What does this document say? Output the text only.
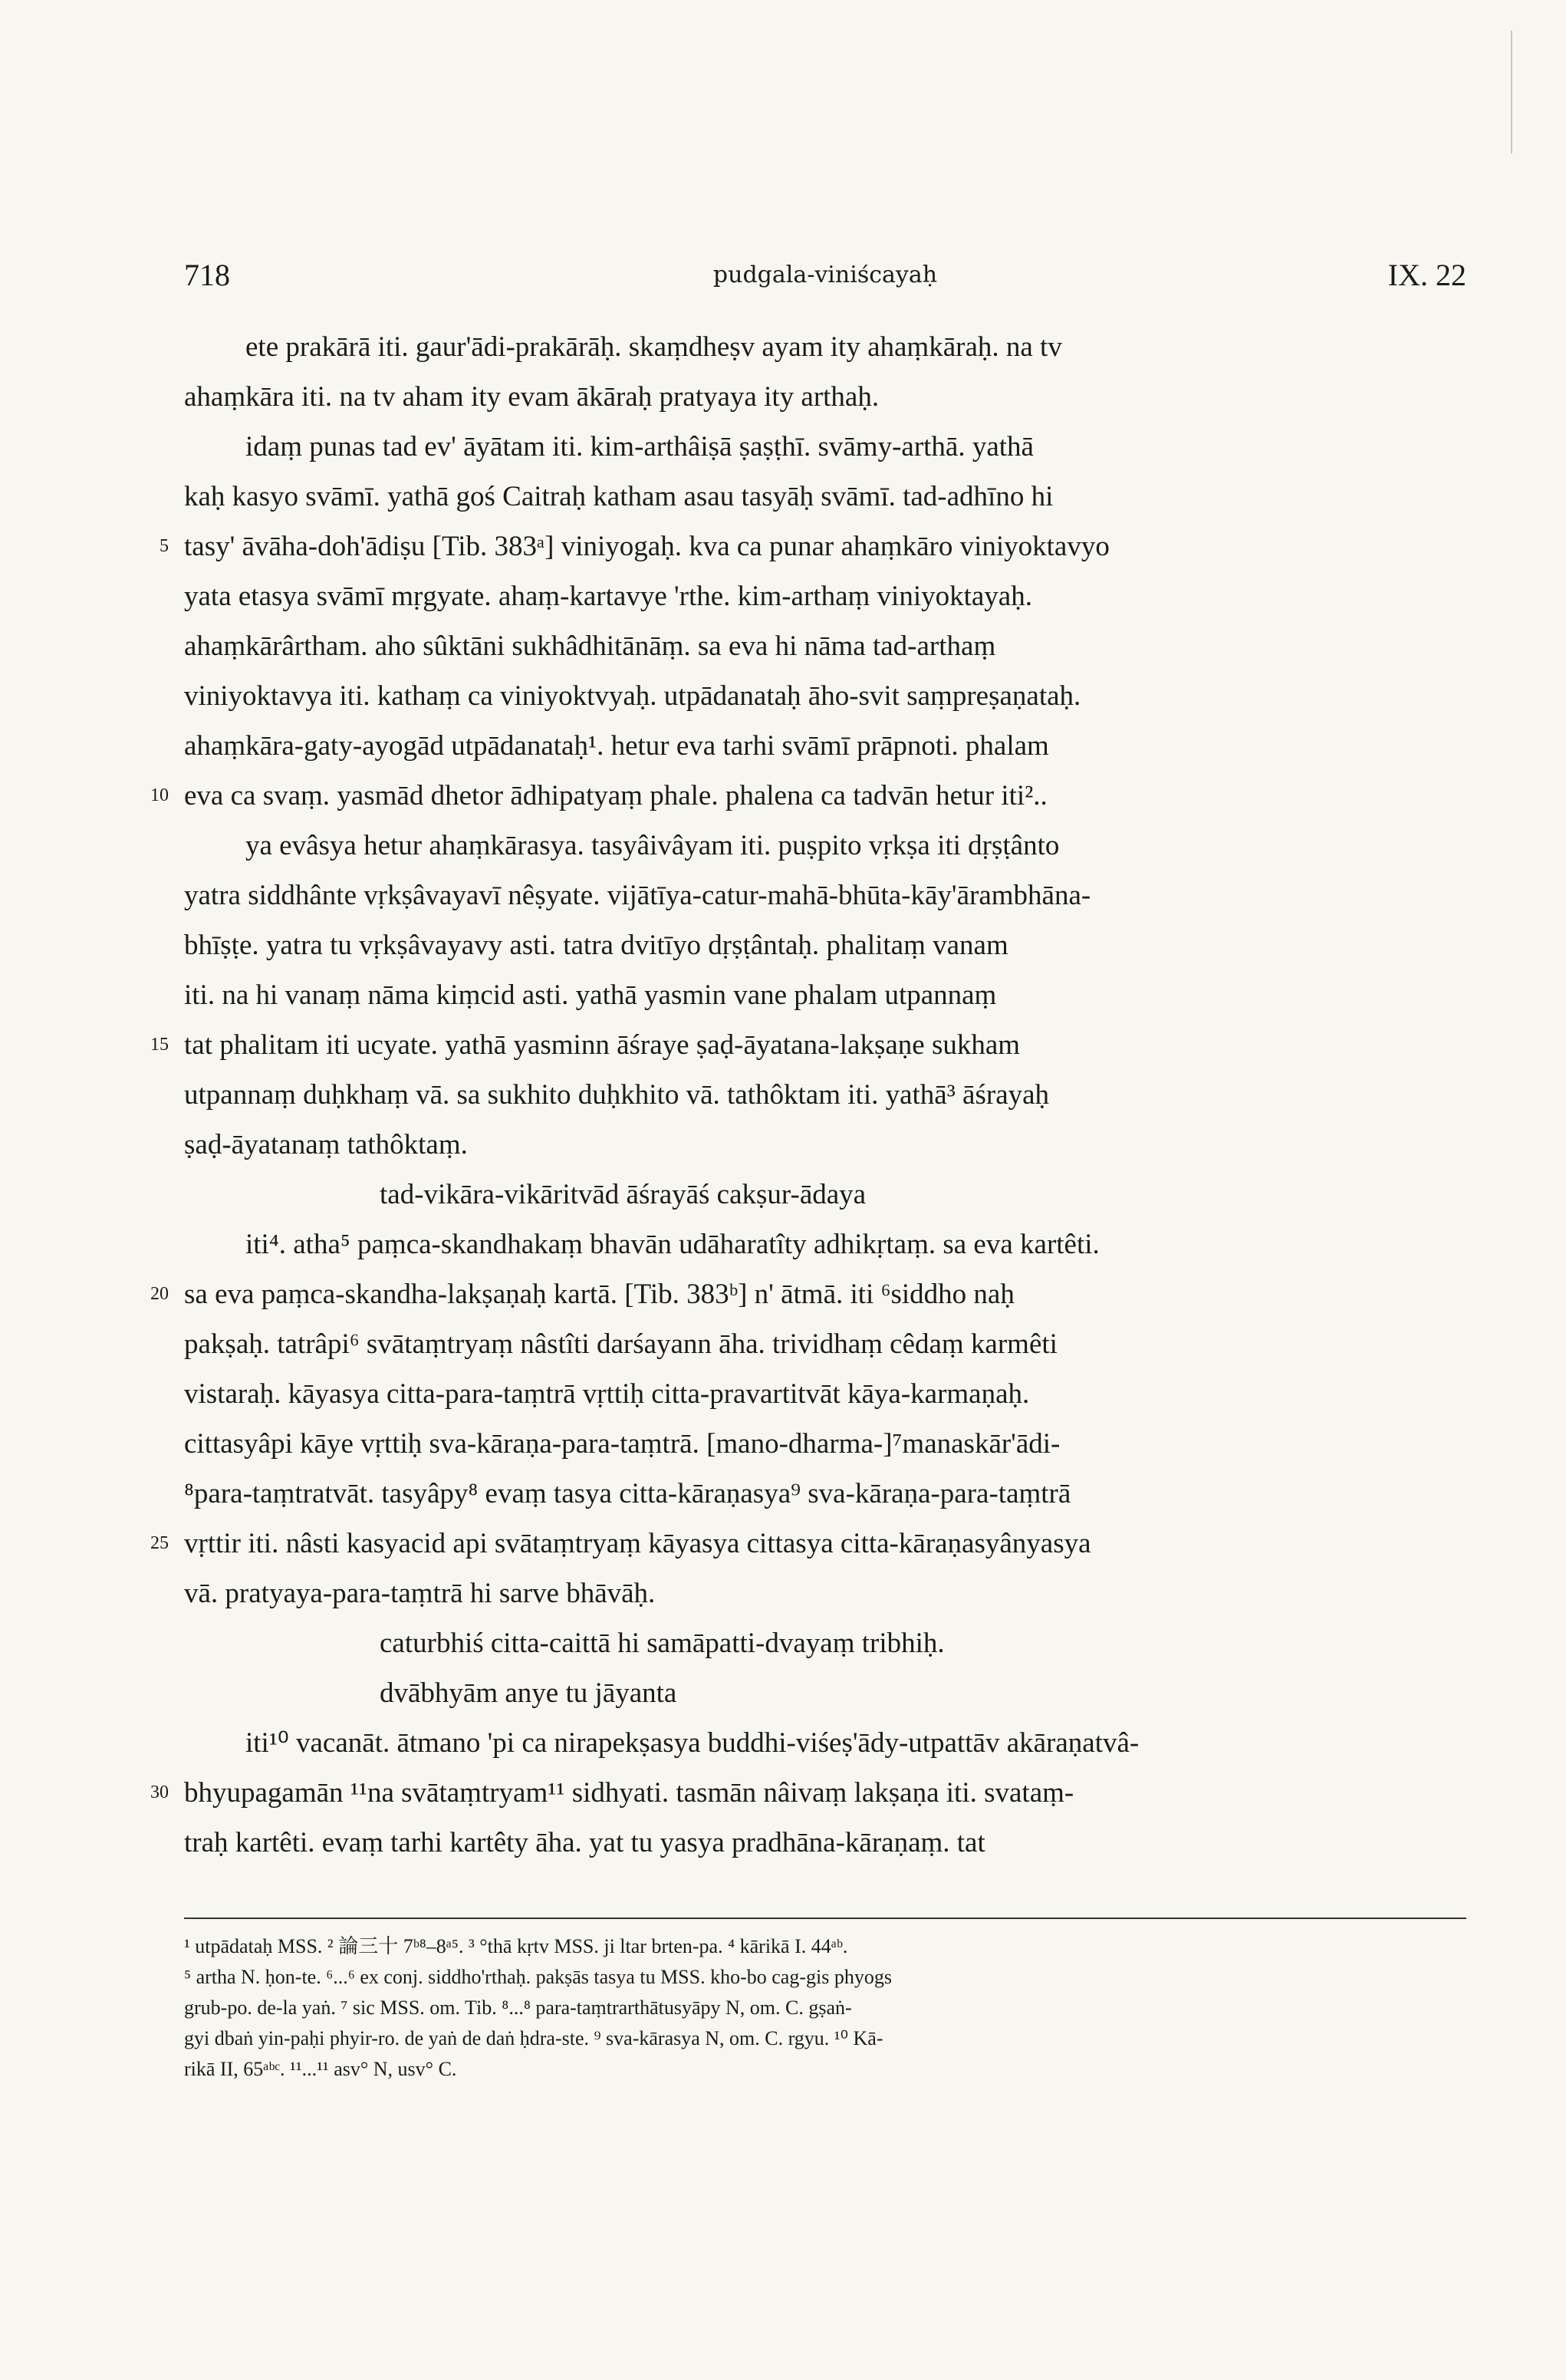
718	pudgala-viniścayaḥ	IX. 22
ete prakārā iti. gaur'ādi-prakārāḥ. skaṃdheṣv ayam ity ahaṃkāraḥ. na tv
ahaṃkāra iti. na tv aham ity evam ākāraḥ pratyaya ity arthaḥ.
idaṃ punas tad ev' āyātam iti. kim-arthâiṣā ṣaṣṭhī. svāmy-arthā. yathā
kaḥ kasyo svāmī. yathā goś Caitraḥ katham asau tasyāḥ svāmī. tad-adhīno hi
5 tasy' āvāha-doh'ādiṣu [Tib. 383ᵃ] viniyogaḥ. kva ca punar ahaṃkāro viniyoktavyo
yata etasya svāmī mṛgyate. ahaṃ-kartavye 'rthe. kim-arthaṃ viniyoktayaḥ.
ahaṃkārârtham. aho sûktāni sukhâdhitānāṃ. sa eva hi nāma tad-arthaṃ
viniyoktavya iti. kathaṃ ca viniyoktvyaḥ. utpādanataḥ āho-svit saṃpreṣaṇataḥ.
ahaṃkāra-gaty-ayogād utpādanataḥ¹. hetur eva tarhi svāmī prāpnoti. phalam
10 eva ca svaṃ. yasmād dhetor ādhipatyaṃ phale. phalena ca tadvān hetur iti²..
ya evâsya hetur ahaṃkārasya. tasyâivâyam iti. puṣpito vṛkṣa iti dṛṣṭânto
yatra siddhânte vṛkṣâvayavī nêṣyate. vijātīya-catur-mahā-bhūta-kāy'ārambhāna-
bhīṣṭe. yatra tu vṛkṣâvayavy asti. tatra dvitīyo dṛṣṭântaḥ. phalitaṃ vanam
iti. na hi vanaṃ nāma kiṃcid asti. yathā yasmin vane phalam utpannaṃ
15 tat phalitam iti ucyate. yathā yasminn āśraye ṣaḍ-āyatana-lakṣaṇe sukham
utpannaṃ duḥkhaṃ vā. sa sukhito duḥkhito vā. tathôktam iti. yathā³ āśrayaḥ
ṣaḍ-āyatanaṃ tathôktaṃ.
tad-vikāra-vikāritvād āśrayāś cakṣur-ādaya
iti⁴. atha⁵ paṃca-skandhakaṃ bhavān udāharatîty adhikṛtaṃ. sa eva kartêti.
20 sa eva paṃca-skandha-lakṣaṇaḥ kartā. [Tib. 383ᵇ] n' ātmā. iti ⁶siddho naḥ
pakṣaḥ. tatrâpi⁶ svātaṃtryaṃ nâstîti darśayann āha. trividhaṃ cêdaṃ karmêti
vistaraḥ. kāyasya citta-para-taṃtrā vṛttiḥ citta-pravartitvāt kāya-karmaṇaḥ.
cittasyâpi kāye vṛttiḥ sva-kāraṇa-para-taṃtrā. [mano-dharma-]⁷manaskār'ādi-
⁸para-taṃtratvāt. tasyâpy⁸ evaṃ tasya citta-kāraṇasya⁹ sva-kāraṇa-para-taṃtrā
25 vṛttir iti. nâsti kasyacid api svātaṃtryaṃ kāyasya cittasya citta-kāraṇasyânyasya
vā. pratyaya-para-taṃtrā hi sarve bhāvāḥ.
caturbhiś citta-caittā hi samāpatti-dvayaṃ tribhiḥ.
dvābhyām anye tu jāyanta
iti¹⁰ vacanāt. ātmano 'pi ca nirapekṣasya buddhi-viśeṣ'ādy-utpattāv akāraṇatvâ-
30 bhyupagamān ¹¹na svātaṃtryam¹¹ sidhyati. tasmān nâivaṃ lakṣaṇa iti. svataṃ-
traḥ kartêti. evaṃ tarhi kartêty āha. yat tu yasya pradhāna-kāraṇaṃ. tat
¹ utpādataḥ MSS. ² 論三十 7ᵇ⁸–8ᵃ⁵. ³ °thā kṛtv MSS. ji ltar brten-pa. ⁴ kārikā I. 44ᵃᵇ.
⁵ artha N. ḥon-te. ⁶...⁶ ex conj. siddho'rthaḥ. pakṣās tasya tu MSS. kho-bo cag-gis phyogs
grub-po. de-la yaṅ. ⁷ sic MSS. om. Tib. ⁸...⁸ para-taṃtrarthātusyāpy N, om. C. gṣaṅ-
gyi dbaṅ yin-paḥi phyir-ro. de yaṅ de daṅ ḥdra-ste. ⁹ sva-kārasya N, om. C. rgyu. ¹⁰ Kā-
rikā II, 65ᵃᵇᶜ. ¹¹...¹¹ asv° N, usv° C.
